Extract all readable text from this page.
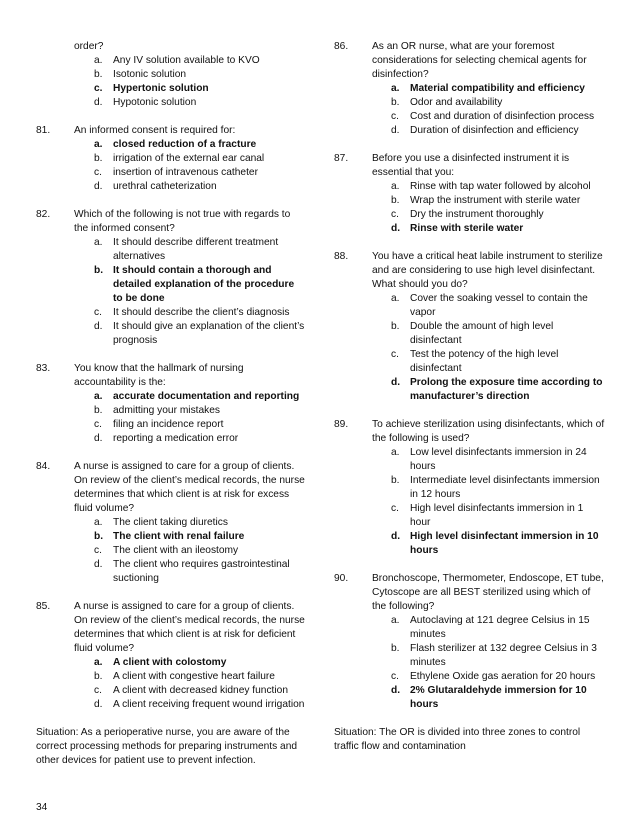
order?
a. Any IV solution available to KVO
b. Isotonic solution
c. Hypertonic solution
d. Hypotonic solution
81. An informed consent is required for:
a. closed reduction of a fracture
b. irrigation of the external ear canal
c. insertion of intravenous catheter
d. urethral catheterization
82. Which of the following is not true with regards to the informed consent?
a. It should describe different treatment alternatives
b. It should contain a thorough and detailed explanation of the procedure to be done
c. It should describe the client’s diagnosis
d. It should give an explanation of the client’s prognosis
83. You know that the hallmark of nursing accountability is the:
a. accurate documentation and reporting
b. admitting your mistakes
c. filing an incidence report
d. reporting a medication error
84. A nurse is assigned to care for a group of clients. On review of the client’s medical records, the nurse determines that which client is at risk for excess fluid volume?
a. The client taking diuretics
b. The client with renal failure
c. The client with an ileostomy
d. The client who requires gastrointestinal suctioning
85. A nurse is assigned to care for a group of clients. On review of the client’s medical records, the nurse determines that which client is at risk for deficient fluid volume?
a. A client with colostomy
b. A client with congestive heart failure
c. A client with decreased kidney function
d. A client receiving frequent wound irrigation
Situation: As a perioperative nurse, you are aware of the correct processing methods for preparing instruments and other devices for patient use to prevent infection.
86. As an OR nurse, what are your foremost considerations for selecting chemical agents for disinfection?
a. Material compatibility and efficiency
b. Odor and availability
c. Cost and duration of disinfection process
d. Duration of disinfection and efficiency
87. Before you use a disinfected instrument it is essential that you:
a. Rinse with tap water followed by alcohol
b. Wrap the instrument with sterile water
c. Dry the instrument thoroughly
d. Rinse with sterile water
88. You have a critical heat labile instrument to sterilize and are considering to use high level disinfectant. What should you do?
a. Cover the soaking vessel to contain the vapor
b. Double the amount of high level disinfectant
c. Test the potency of the high level disinfectant
d. Prolong the exposure time according to manufacturer’s direction
89. To achieve sterilization using disinfectants, which of the following is used?
a. Low level disinfectants immersion in 24 hours
b. Intermediate level disinfectants immersion in 12 hours
c. High level disinfectants immersion in 1 hour
d. High level disinfectant immersion in 10 hours
90. Bronchoscope, Thermometer, Endoscope, ET tube, Cytoscope are all BEST sterilized using which of the following?
a. Autoclaving at 121 degree Celsius in 15 minutes
b. Flash sterilizer at 132 degree Celsius in 3 minutes
c. Ethylene Oxide gas aeration for 20 hours
d. 2% Glutaraldehyde immersion for 10 hours
Situation: The OR is divided into three zones to control traffic flow and contamination
34
